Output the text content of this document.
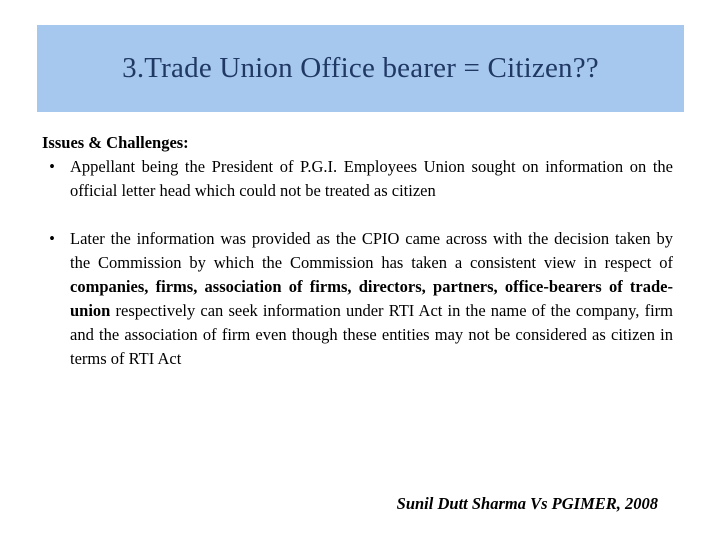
3.Trade Union Office bearer = Citizen??
Issues & Challenges:
• Appellant being the President of P.G.I. Employees Union sought on information on the official letter head which could not be treated as citizen

• Later the information was provided as the CPIO came across with the decision taken by the Commission by which the Commission has taken a consistent view in respect of companies, firms, association of firms, directors, partners, office-bearers of trade-union respectively can seek information under RTI Act in the name of the company, firm and the association of firm even though these entities may not be considered as citizen in terms of RTI Act

Sunil Dutt Sharma Vs PGIMER, 2008
